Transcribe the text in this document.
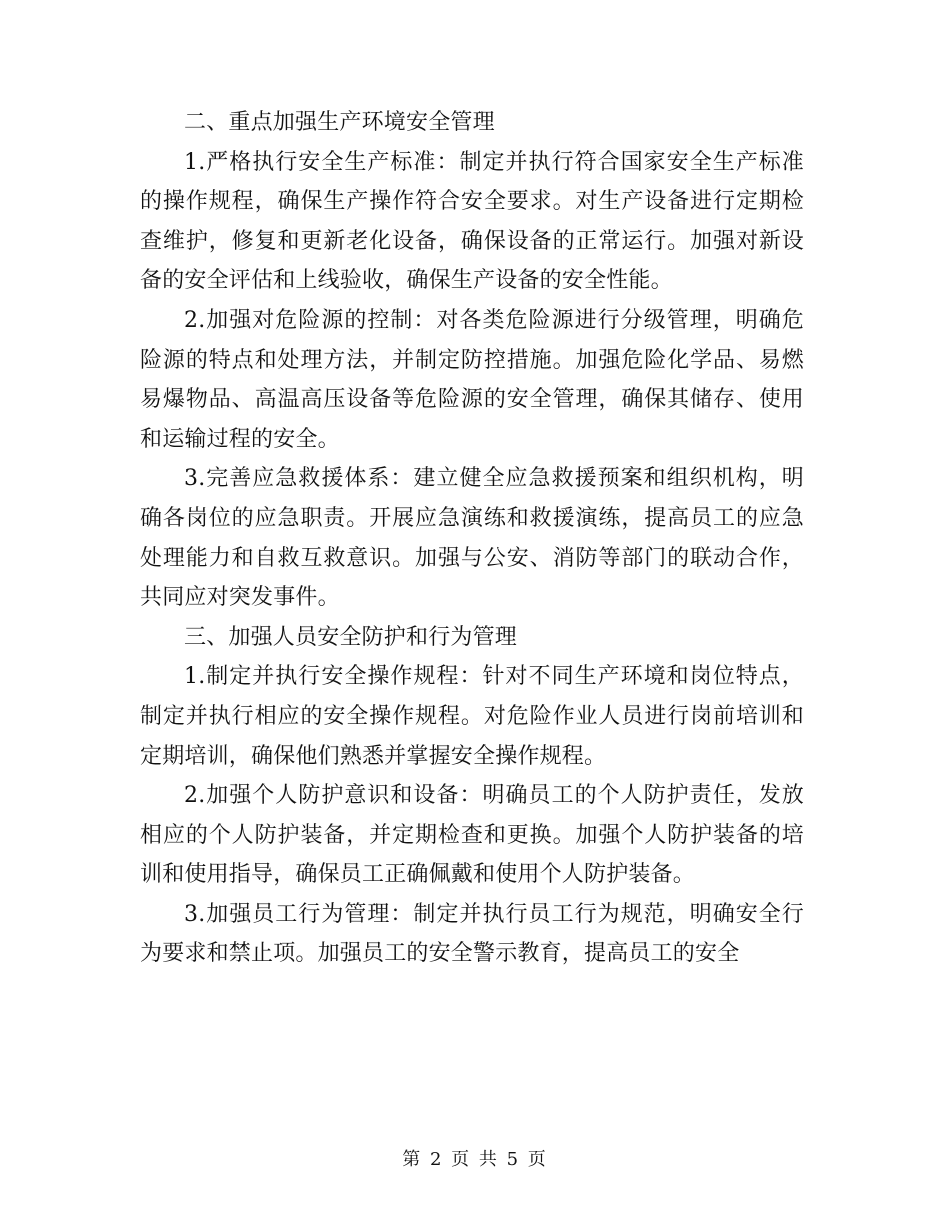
二、重点加强生产环境安全管理

1.严格执行安全生产标准：制定并执行符合国家安全生产标准的操作规程，确保生产操作符合安全要求。对生产设备进行定期检查维护，修复和更新老化设备，确保设备的正常运行。加强对新设备的安全评估和上线验收，确保生产设备的安全性能。

2.加强对危险源的控制：对各类危险源进行分级管理，明确危险源的特点和处理方法，并制定防控措施。加强危险化学品、易燃易爆物品、高温高压设备等危险源的安全管理，确保其储存、使用和运输过程的安全。

3.完善应急救援体系：建立健全应急救援预案和组织机构，明确各岗位的应急职责。开展应急演练和救援演练，提高员工的应急处理能力和自救互救意识。加强与公安、消防等部门的联动合作，共同应对突发事件。

三、加强人员安全防护和行为管理

1.制定并执行安全操作规程：针对不同生产环境和岗位特点，制定并执行相应的安全操作规程。对危险作业人员进行岗前培训和定期培训，确保他们熟悉并掌握安全操作规程。

2.加强个人防护意识和设备：明确员工的个人防护责任，发放相应的个人防护装备，并定期检查和更换。加强个人防护装备的培训和使用指导，确保员工正确佩戴和使用个人防护装备。

3.加强员工行为管理：制定并执行员工行为规范，明确安全行为要求和禁止项。加强员工的安全警示教育，提高员工的安全

第 2 页 共 5 页
